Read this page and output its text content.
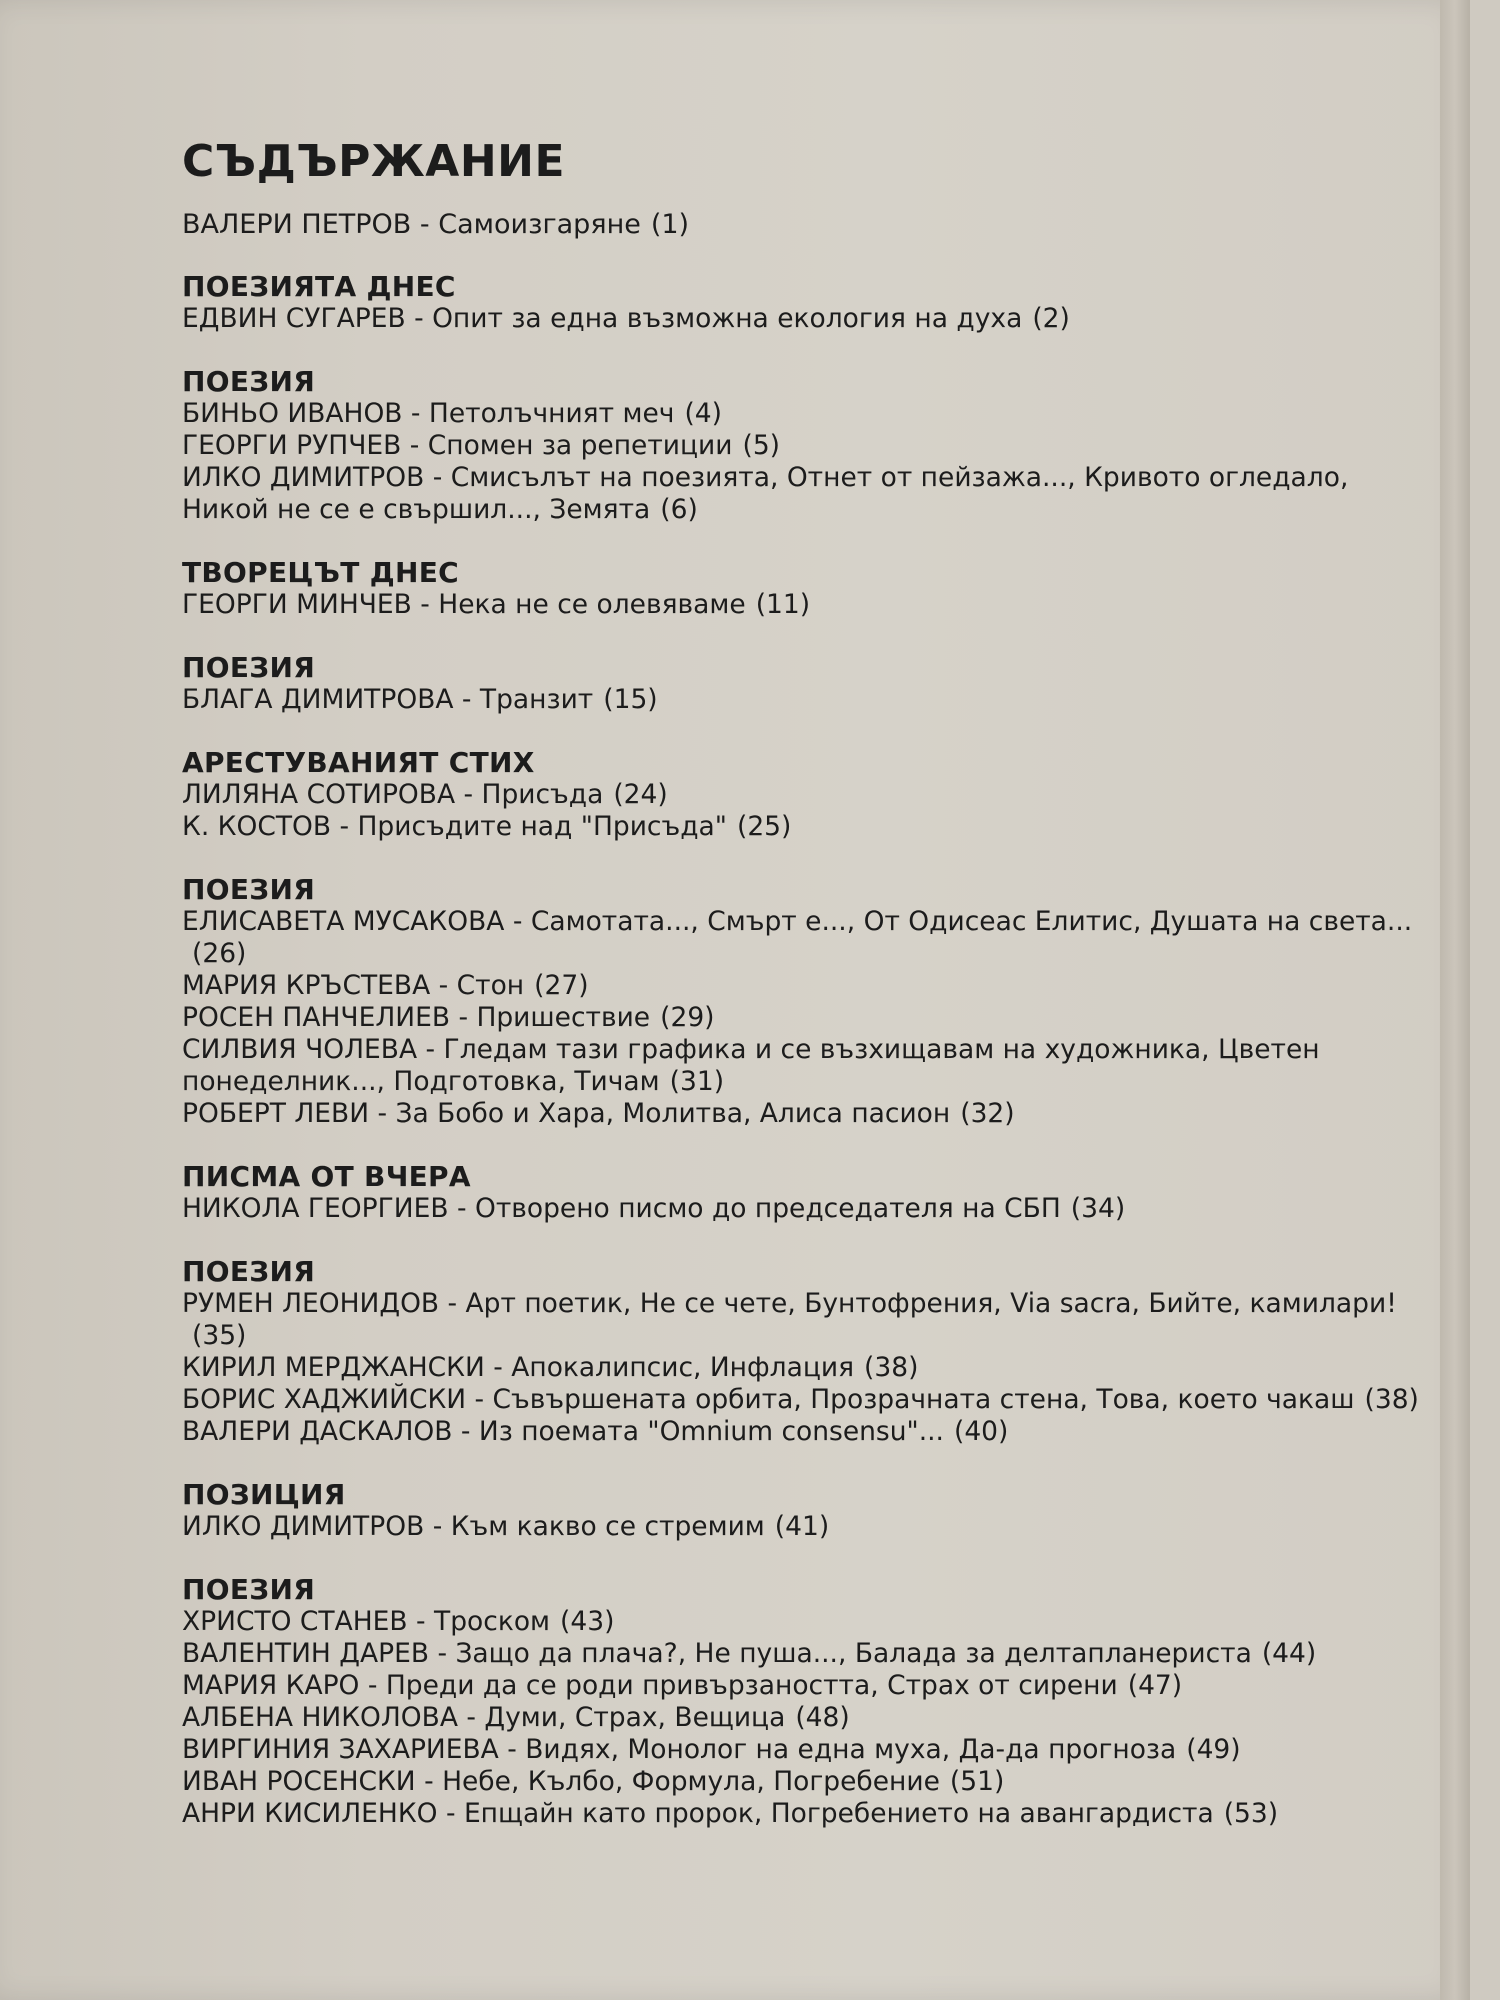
СЪДЪРЖАНИЕ
ВАЛЕРИ ПЕТРОВ - Самоизгаряне (1)
ПОЕЗИЯТА ДНЕС
ЕДВИН СУГАРЕВ - Опит за една възможна екология на духа (2)
ПОЕЗИЯ
БИНЬО ИВАНОВ - Петолъчният меч (4)
ГЕОРГИ РУПЧЕВ - Спомен за репетиции (5)
ИЛКО ДИМИТРОВ - Смисълът на поезията, Отнет от пейзажа..., Кривото огледало, Никой не се е свършил..., Земята (6)
ТВОРЕЦЪТ ДНЕС
ГЕОРГИ МИНЧЕВ - Нека не се олевяваме (11)
ПОЕЗИЯ
БЛАГА ДИМИТРОВА - Транзит (15)
АРЕСТУВАНИЯТ СТИХ
ЛИЛЯНА СОТИРОВА - Присъда (24)
К. КОСТОВ - Присъдите над "Присъда" (25)
ПОЕЗИЯ
ЕЛИСАВЕТА МУСАКОВА - Самотата..., Смърт е..., От Одисеас Елитис, Душата на света...(26)
МАРИЯ КРЪСТЕВА - Стон (27)
РОСЕН ПАНЧЕЛИЕВ - Пришествие (29)
СИЛВИЯ ЧОЛЕВА - Гледам тази графика и се възхищавам на художника, Цветен понеделник..., Подготовка, Тичам (31)
РОБЕРТ ЛЕВИ - За Бобо и Хара, Молитва, Алиса пасион (32)
ПИСМА ОТ ВЧЕРА
НИКОЛА ГЕОРГИЕВ - Отворено писмо до председателя на СБП (34)
ПОЕЗИЯ
РУМЕН ЛЕОНИДОВ - Арт поетик, Не се чете, Бунтофрения, Via sacra, Бийте, камилари!(35)
КИРИЛ МЕРДЖАНСКИ - Апокалипсис, Инфлация (38)
БОРИС ХАДЖИЙСКИ - Съвършената орбита, Прозрачната стена, Това, което чакаш (38)
ВАЛЕРИ ДАСКАЛОВ - Из поемата "Omnium consensu"... (40)
ПОЗИЦИЯ
ИЛКО ДИМИТРОВ - Към какво се стремим (41)
ПОЕЗИЯ
ХРИСТО СТАНЕВ - Троском (43)
ВАЛЕНТИН ДАРЕВ - Защо да плача?, Не пуша..., Балада за делтапланериста (44)
МАРИЯ КАРО - Преди да се роди привързаността, Страх от сирени (47)
АЛБЕНА НИКОЛОВА - Думи, Страх, Вещица (48)
ВИРГИНИЯ ЗАХАРИЕВА - Видях, Монолог на една муха, Да-да прогноза (49)
ИВАН РОСЕНСКИ - Небе, Кълбо, Формула, Погребение (51)
АНРИ КИСИЛЕНКО - Епщайн като пророк, Погребението на авангардиста (53)
